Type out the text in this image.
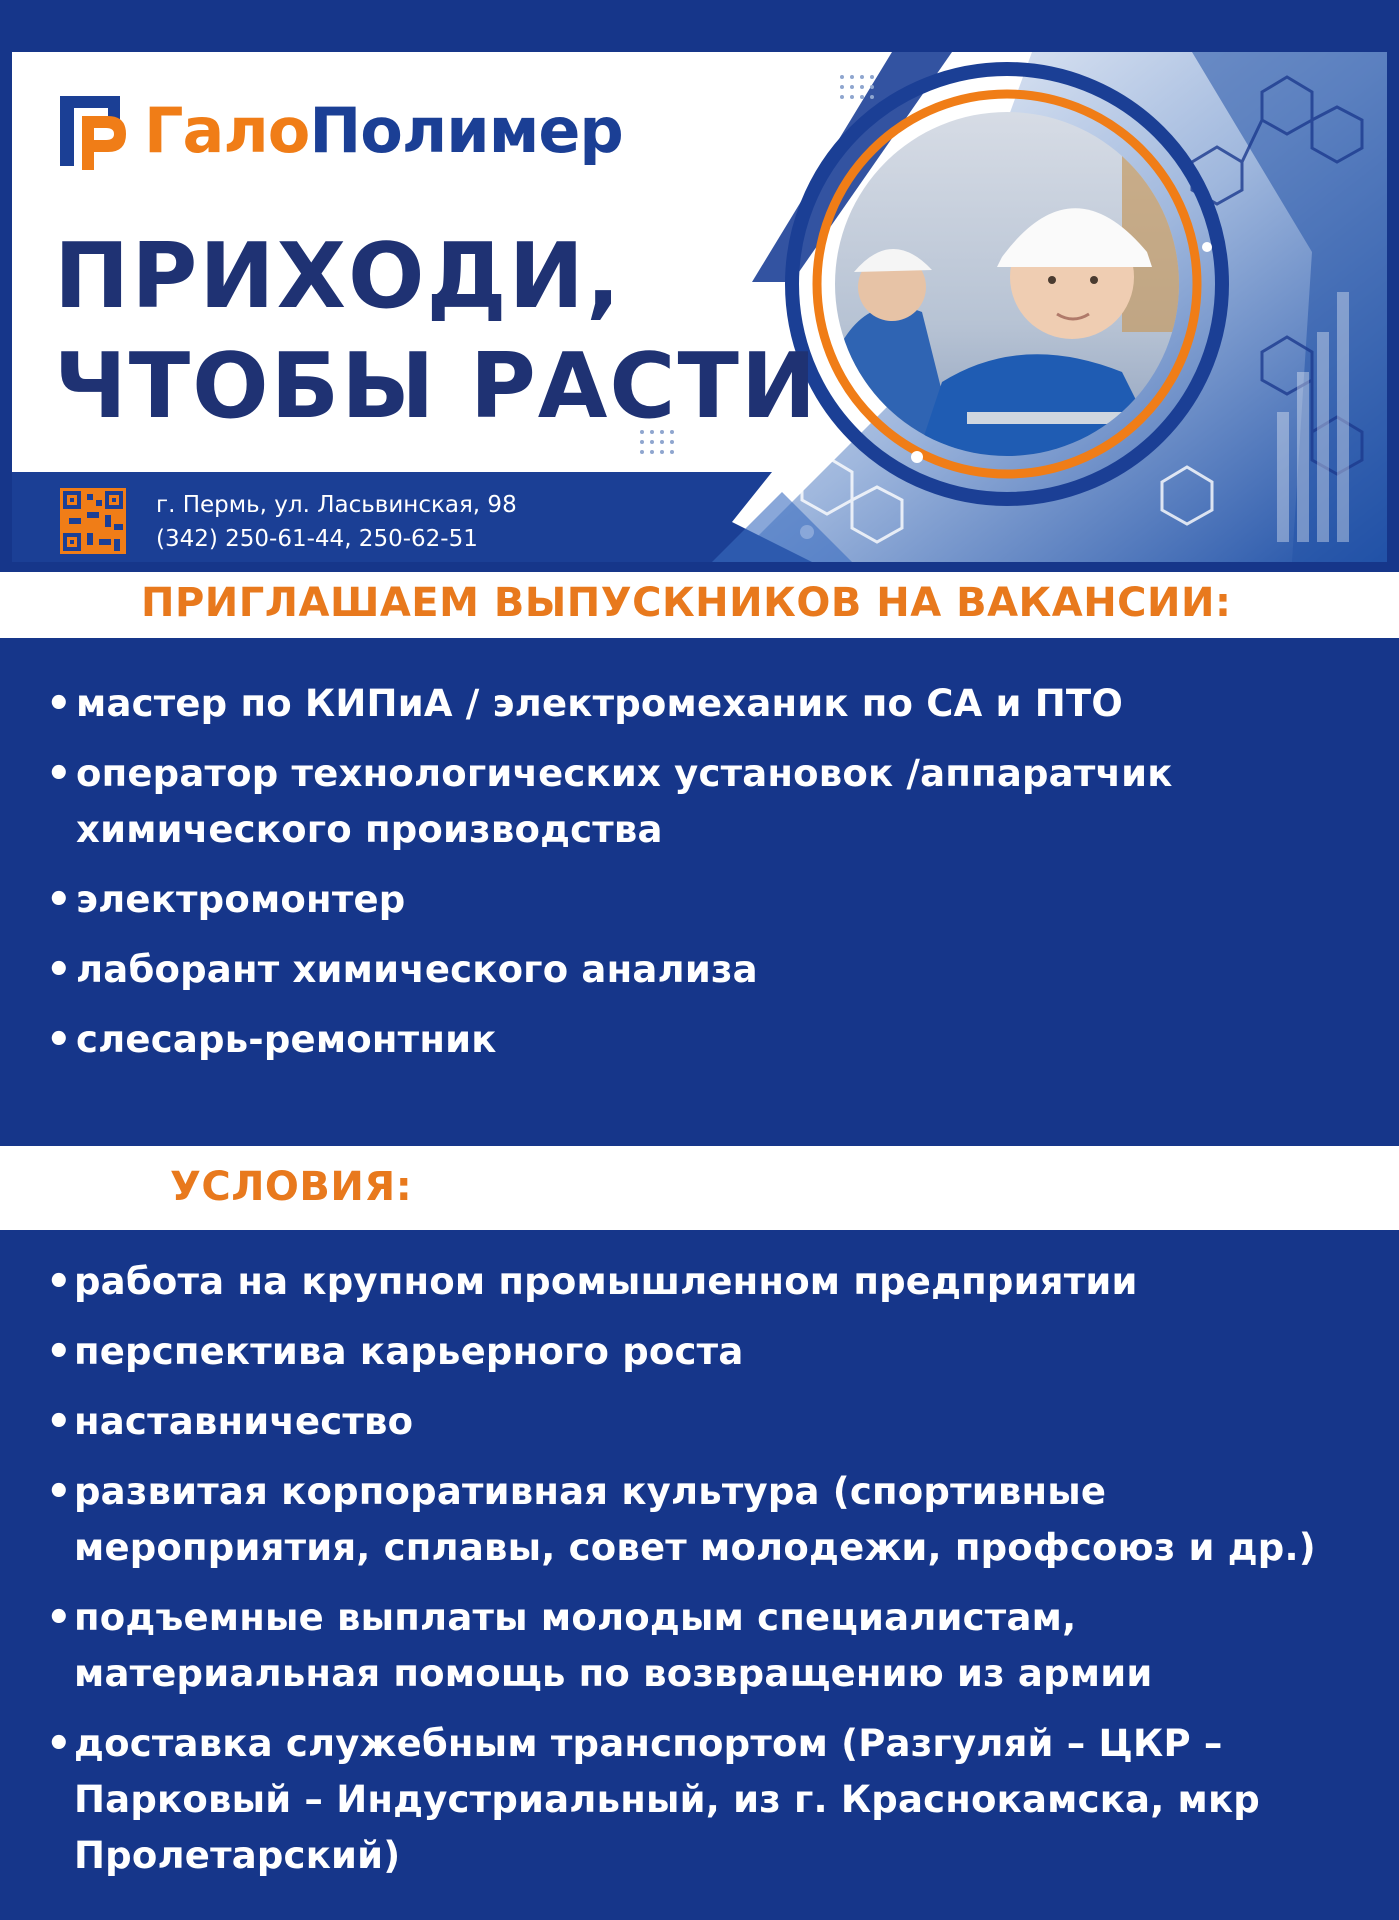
ГалоПолимер
ПРИХОДИ,
ЧТОБЫ РАСТИ
г. Пермь, ул. Ласьвинская, 98
(342) 250-61-44, 250-62-51
ПРИГЛАШАЕМ ВЫПУСКНИКОВ НА ВАКАНСИИ:
• мастер по КИПиА / электромеханик по СА и ПТО
• оператор технологических установок /аппаратчик химического производства
• электромонтер
• лаборант химического анализа
• слесарь-ремонтник
УСЛОВИЯ:
• работа на крупном промышленном предприятии
• перспектива карьерного роста
• наставничество
• развитая корпоративная культура (спортивные мероприятия, сплавы, совет молодежи, профсоюз и др.)
• подъемные выплаты молодым специалистам, материальная помощь по возвращению из армии
• доставка служебным транспортом (Разгуляй – ЦКР – Парковый – Индустриальный, из г. Краснокамска, мкр Пролетарский)
